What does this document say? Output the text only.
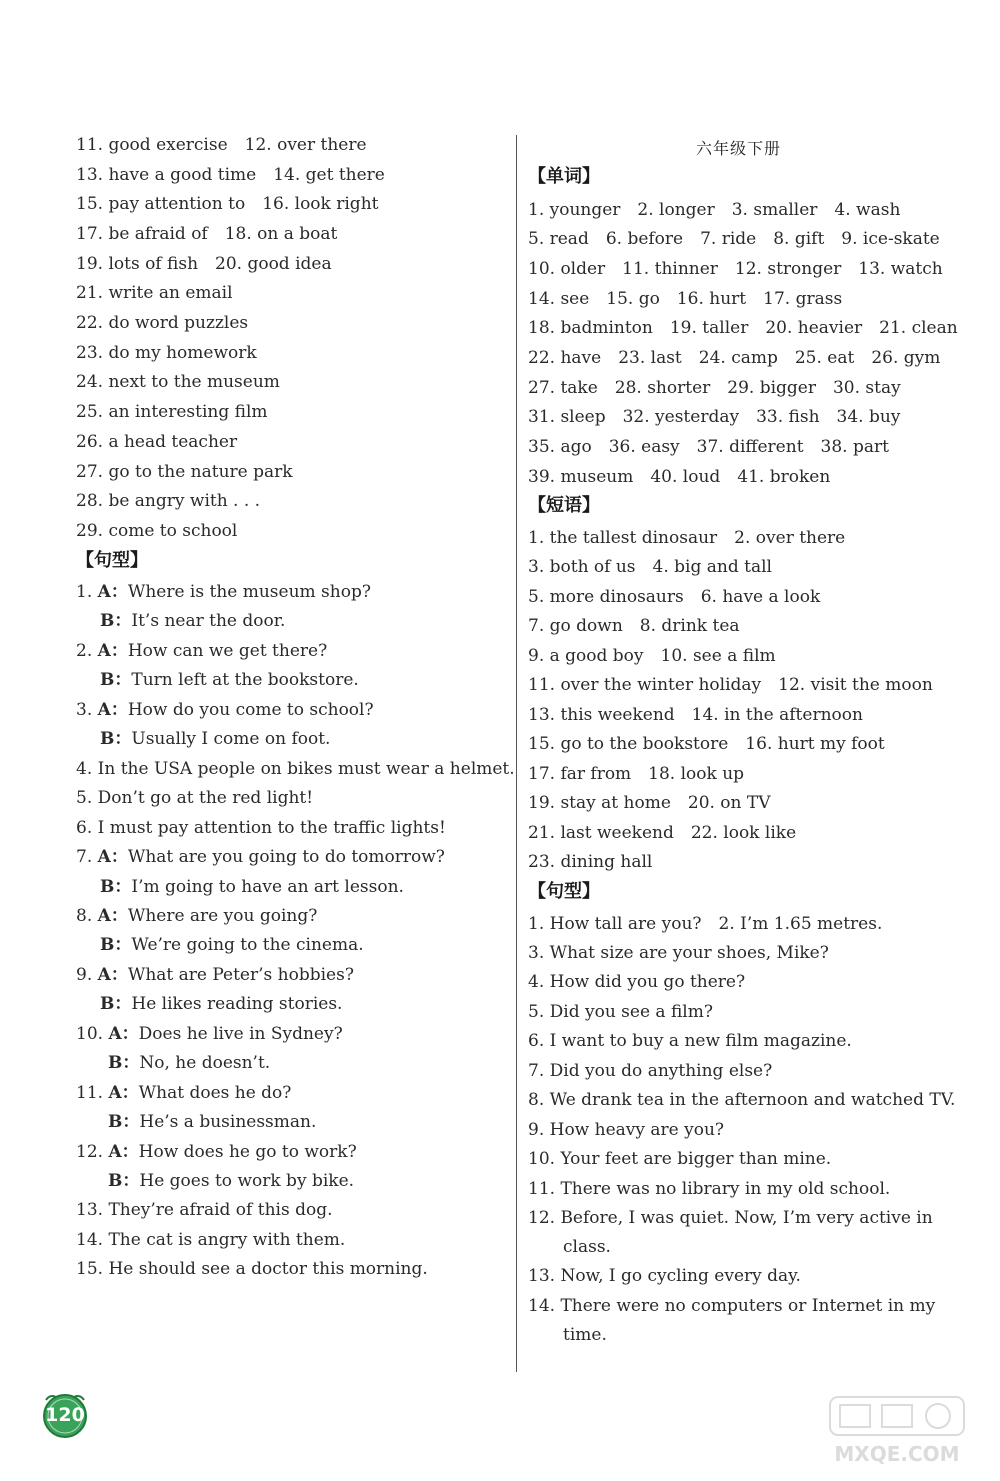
11. good exercise　12. over there
13. have a good time　14. get there
15. pay attention to　16. look right
17. be afraid of　18. on a boat
19. lots of fish　20. good idea
21. write an email
22. do word puzzles
23. do my homework
24. next to the museum
25. an interesting film
26. a head teacher
27. go to the nature park
28. be angry with . . .
29. come to school
【句型】
1. A：Where is the museum shop?
B：It’s near the door.
2. A：How can we get there?
B：Turn left at the bookstore.
3. A：How do you come to school?
B：Usually I come on foot.
4. In the USA people on bikes must wear a helmet.
5. Don’t go at the red light!
6. I must pay attention to the traffic lights!
7. A：What are you going to do tomorrow?
B：I’m going to have an art lesson.
8. A：Where are you going?
B：We’re going to the cinema.
9. A：What are Peter’s hobbies?
B：He likes reading stories.
10. A：Does he live in Sydney?
B：No, he doesn’t.
11. A：What does he do?
B：He’s a businessman.
12. A：How does he go to work?
B：He goes to work by bike.
13. They’re afraid of this dog.
14. The cat is angry with them.
15. He should see a doctor this morning.
六年级下册
【单词】
1. younger　2. longer　3. smaller　4. wash
5. read　6. before　7. ride　8. gift　9. ice-skate
10. older　11. thinner　12. stronger　13. watch
14. see　15. go　16. hurt　17. grass
18. badminton　19. taller　20. heavier　21. clean
22. have　23. last　24. camp　25. eat　26. gym
27. take　28. shorter　29. bigger　30. stay
31. sleep　32. yesterday　33. fish　34. buy
35. ago　36. easy　37. different　38. part
39. museum　40. loud　41. broken
【短语】
1. the tallest dinosaur　2. over there
3. both of us　4. big and tall
5. more dinosaurs　6. have a look
7. go down　8. drink tea
9. a good boy　10. see a film
11. over the winter holiday　12. visit the moon
13. this weekend　14. in the afternoon
15. go to the bookstore　16. hurt my foot
17. far from　18. look up
19. stay at home　20. on TV
21. last weekend　22. look like
23. dining hall
【句型】
1. How tall are you?　2. I’m 1.65 metres.
3. What size are your shoes, Mike?
4. How did you go there?
5. Did you see a film?
6. I want to buy a new film magazine.
7. Did you do anything else?
8. We drank tea in the afternoon and watched TV.
9. How heavy are you?
10. Your feet are bigger than mine.
11. There was no library in my old school.
12. Before, I was quiet. Now, I’m very active in
class.
13. Now, I go cycling every day.
14. There were no computers or Internet in my
time.
120
MXQE.COM
